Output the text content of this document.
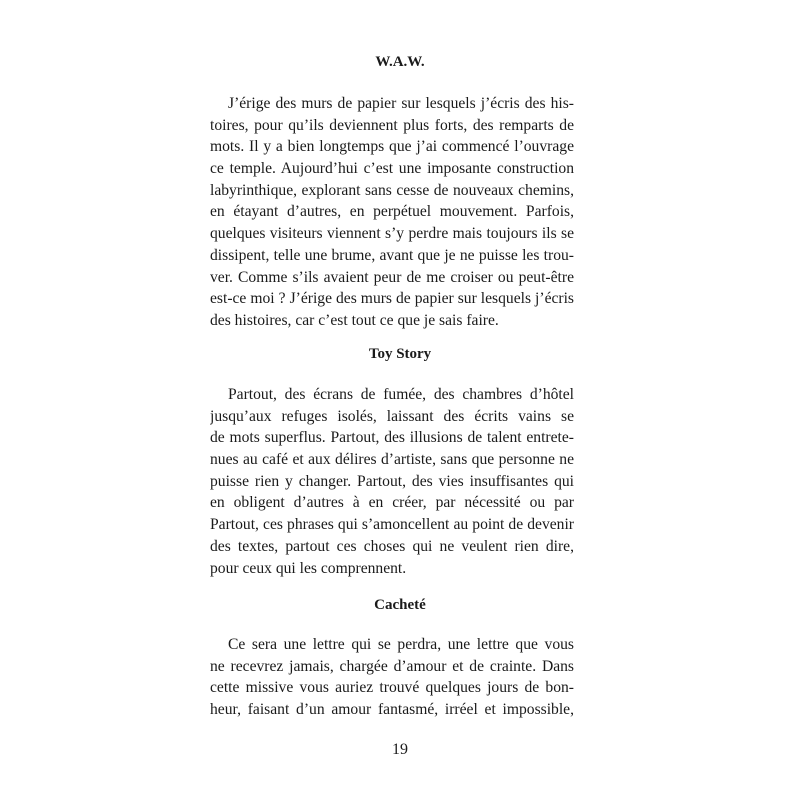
W.A.W.
J’érige des murs de papier sur lesquels j’écris des his-
toires, pour qu’ils deviennent plus forts, des remparts de
mots. Il y a bien longtemps que j’ai commencé l’ouvrage
ce temple. Aujourd’hui c’est une imposante construction
labyrinthique, explorant sans cesse de nouveaux chemins,
en étayant d’autres, en perpétuel mouvement. Parfois,
quelques visiteurs viennent s’y perdre mais toujours ils se
dissipent, telle une brume, avant que je ne puisse les trou-
ver. Comme s’ils avaient peur de me croiser ou peut-être
est-ce moi ? J’érige des murs de papier sur lesquels j’écris
des histoires, car c’est tout ce que je sais faire.
Toy Story
Partout, des écrans de fumée, des chambres d’hôtel
jusqu’aux refuges isolés, laissant des écrits vains se
de mots superflus. Partout, des illusions de talent entrete-
nues au café et aux délires d’artiste, sans que personne ne
puisse rien y changer. Partout, des vies insuffisantes qui
en obligent d’autres à en créer, par nécessité ou par
Partout, ces phrases qui s’amoncellent au point de devenir
des textes, partout ces choses qui ne veulent rien dire,
pour ceux qui les comprennent.
Cacheté
Ce sera une lettre qui se perdra, une lettre que vous
ne recevrez jamais, chargée d’amour et de crainte. Dans
cette missive vous auriez trouvé quelques jours de bon-
heur, faisant d’un amour fantasmé, irréel et impossible,
19
